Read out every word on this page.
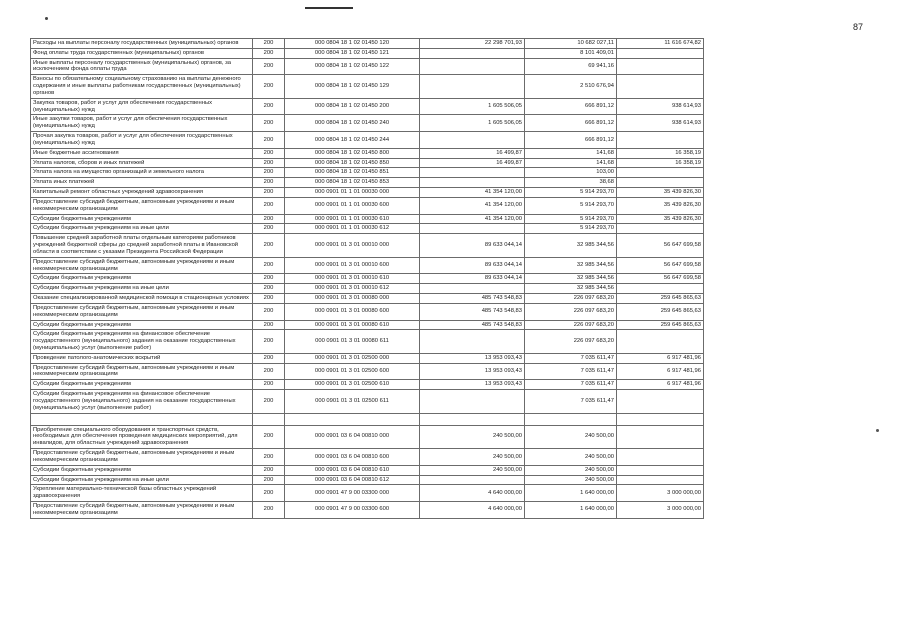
87
Расходы на выплаты персоналу государственных (муниципальных) органов	200	000 0804 18 1 02 01450 120	22 298 701,93	10 682 027,11	11 616 674,82
Фонд оплаты труда государственных (муниципальных) органов	200	000 0804 18 1 02 01450 121		8 101 409,01	
Иные выплаты персоналу государственных (муниципальных) органов, за исключением фонда оплаты труда	200	000 0804 18 1 02 01450 122		69 941,16	
Взносы по обязательному социальному страхованию на выплаты денежного содержания и иные выплаты работникам государственных (муниципальных) органов	200	000 0804 18 1 02 01450 129		2 510 676,94	
Закупка товаров, работ и услуг для обеспечения государственных (муниципальных) нужд	200	000 0804 18 1 02 01450 200	1 605 506,05	666 891,12	938 614,93
Иные закупки товаров, работ и услуг для обеспечения государственных (муниципальных) нужд	200	000 0804 18 1 02 01450 240	1 605 506,05	666 891,12	938 614,93
Прочая закупка товаров, работ и услуг для обеспечения государственных (муниципальных) нужд	200	000 0804 18 1 02 01450 244		666 891,12	
Иные бюджетные ассигнования	200	000 0804 18 1 02 01450 800	16 499,87	141,68	16 358,19
Уплата налогов, сборов и иных платежей	200	000 0804 18 1 02 01450 850	16 499,87	141,68	16 358,19
Уплата налога на имущество организаций и земельного налога	200	000 0804 18 1 02 01450 851		103,00	
Уплата иных платежей	200	000 0804 18 1 02 01450 853		38,68	
Капитальный ремонт областных учреждений здравоохранения	200	000 0901 01 1 01 00030 000	41 354 120,00	5 914 293,70	35 439 826,30
Предоставление субсидий бюджетным, автономным учреждениям и иным некоммерческим организациям	200	000 0901 01 1 01 00030 600	41 354 120,00	5 914 293,70	35 439 826,30
Субсидии бюджетным учреждениям	200	000 0901 01 1 01 00030 610	41 354 120,00	5 914 293,70	35 439 826,30
Субсидии бюджетным учреждениям на иные цели	200	000 0901 01 1 01 00030 612		5 914 293,70	
Повышение средней заработной платы отдельным категориям работников учреждений бюджетной сферы до средней заработной платы в Ивановской области в соответствии с указами Президента Российской Федерации	200	000 0901 01 3 01 00010 000	89 633 044,14	32 985 344,56	56 647 699,58
Предоставление субсидий бюджетным, автономным учреждениям и иным некоммерческим организациям	200	000 0901 01 3 01 00010 600	89 633 044,14	32 985 344,56	56 647 699,58
Субсидии бюджетным учреждениям	200	000 0901 01 3 01 00010 610	89 633 044,14	32 985 344,56	56 647 699,58
Субсидии бюджетным учреждениям на иные цели	200	000 0901 01 3 01 00010 612		32 985 344,56	
Оказание специализированной медицинской помощи в стационарных условиях	200	000 0901 01 3 01 00080 000	485 743 548,83	226 097 683,20	259 645 865,63
Предоставление субсидий бюджетным, автономным учреждениям и иным некоммерческим организациям	200	000 0901 01 3 01 00080 600	485 743 548,83	226 097 683,20	259 645 865,63
Субсидии бюджетным учреждениям	200	000 0901 01 3 01 00080 610	485 743 548,83	226 097 683,20	259 645 865,63
Субсидии бюджетным учреждениям на финансовое обеспечение государственного (муниципального) задания на оказание государственных (муниципальных) услуг (выполнение работ)	200	000 0901 01 3 01 00080 611		226 097 683,20	
Проведение патолого-анатомических вскрытий	200	000 0901 01 3 01 02500 000	13 953 093,43	7 035 611,47	6 917 481,96
Предоставление субсидий бюджетным, автономным учреждениям и иным некоммерческим организациям	200	000 0901 01 3 01 02500 600	13 953 093,43	7 035 611,47	6 917 481,96
Субсидии бюджетным учреждениям	200	000 0901 01 3 01 02500 610	13 953 093,43	7 035 611,47	6 917 481,96
Субсидии бюджетным учреждениям на финансовое обеспечение государственного (муниципального) задания на оказание государственных (муниципальных) услуг (выполнение работ)	200	000 0901 01 3 01 02500 611		7 035 611,47	

Приобретение специального оборудования и транспортных средств, необходимых для обеспечения проведения медицинских мероприятий, для инвалидов, для областных учреждений здравоохранения	200	000 0901 03 6 04 00810 000	240 500,00	240 500,00	
Предоставление субсидий бюджетным, автономным учреждениям и иным некоммерческим организациям	200	000 0901 03 6 04 00810 600	240 500,00	240 500,00	
Субсидии бюджетным учреждениям	200	000 0901 03 6 04 00810 610	240 500,00	240 500,00	
Субсидии бюджетным учреждениям на иные цели	200	000 0901 03 6 04 00810 612		240 500,00	
Укрепление материально-технической базы областных учреждений здравоохранения	200	000 0901 47 9 00 03300 000	4 640 000,00	1 640 000,00	3 000 000,00
Предоставление субсидий бюджетным, автономным учреждениям и иным некоммерческим организациям	200	000 0901 47 9 00 03300 600	4 640 000,00	1 640 000,00	3 000 000,00
